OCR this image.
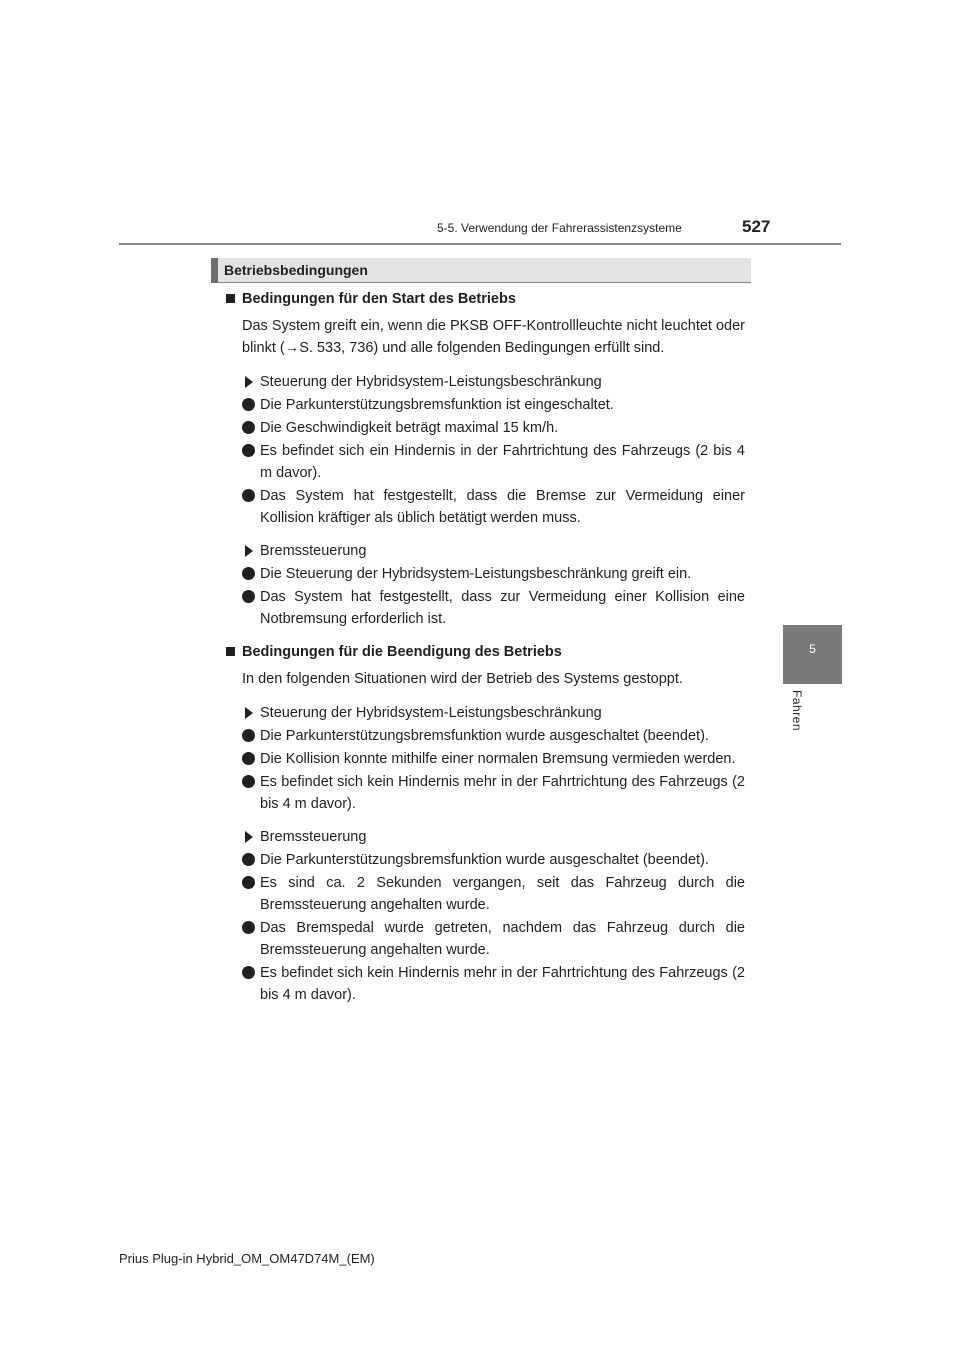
5-5. Verwendung der Fahrerassistenzsysteme	527
5
Fahren
Betriebsbedingungen

Bedingungen für den Start des Betriebs

Das System greift ein, wenn die PKSB OFF-Kontrollleuchte nicht leuchtet oder blinkt (→S. 533, 736) und alle folgenden Bedingungen erfüllt sind.

Steuerung der Hybridsystem-Leistungsbeschränkung

Die Parkunterstützungsbremsfunktion ist eingeschaltet.

Die Geschwindigkeit beträgt maximal 15 km/h.

Es befindet sich ein Hindernis in der Fahrtrichtung des Fahrzeugs (2 bis 4 m davor).

Das System hat festgestellt, dass die Bremse zur Vermeidung einer Kollision kräftiger als üblich betätigt werden muss.

Bremssteuerung

Die Steuerung der Hybridsystem-Leistungsbeschränkung greift ein.

Das System hat festgestellt, dass zur Vermeidung einer Kollision eine Notbremsung erforderlich ist.

Bedingungen für die Beendigung des Betriebs

In den folgenden Situationen wird der Betrieb des Systems gestoppt.

Steuerung der Hybridsystem-Leistungsbeschränkung

Die Parkunterstützungsbremsfunktion wurde ausgeschaltet (beendet).

Die Kollision konnte mithilfe einer normalen Bremsung vermieden werden.

Es befindet sich kein Hindernis mehr in der Fahrtrichtung des Fahrzeugs (2 bis 4 m davor).

Bremssteuerung

Die Parkunterstützungsbremsfunktion wurde ausgeschaltet (beendet).

Es sind ca. 2 Sekunden vergangen, seit das Fahrzeug durch die Bremssteuerung angehalten wurde.

Das Bremspedal wurde getreten, nachdem das Fahrzeug durch die Bremssteuerung angehalten wurde.

Es befindet sich kein Hindernis mehr in der Fahrtrichtung des Fahrzeugs (2 bis 4 m davor).

Prius Plug-in Hybrid_OM_OM47D74M_(EM)
